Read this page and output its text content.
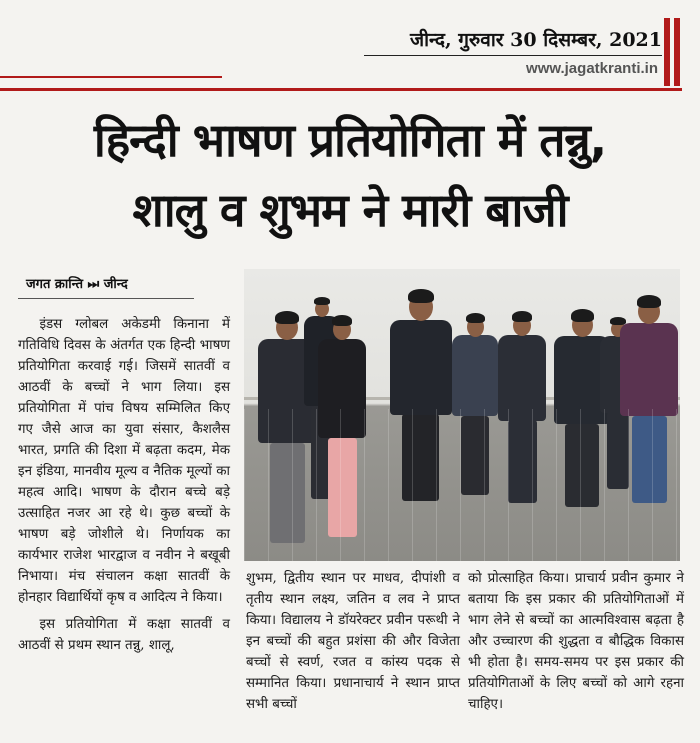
जीन्द, गुरुवार 30 दिसम्बर, 2021
www.jagatkranti.in
हिन्दी भाषण प्रतियोगिता में तन्नु,
शालु व शुभम ने मारी बाजी
जगत क्रान्ति ⏭ जीन्द

इंडस ग्लोबल अकेडमी किनाना में गतिविधि दिवस के अंतर्गत एक हिन्दी भाषण प्रतियोगिता करवाई गई। जिसमें सातवीं व आठवीं के बच्चों ने भाग लिया। इस प्रतियोगिता में पांच विषय सम्मिलित किए गए जैसे आज का युवा संसार, कैशलैस भारत, प्रगति की दिशा में बढ़ता कदम, मेक इन इंडिया, मानवीय मूल्य व नैतिक मूल्यों का महत्व आदि। भाषण के दौरान बच्चे बड़े उत्साहित नजर आ रहे थे। कुछ बच्चों के भाषण बड़े जोशीले थे। निर्णायक का कार्यभार राजेश भारद्वाज व नवीन ने बखूबी निभाया। मंच संचालन कक्षा सातवीं के होनहार विद्यार्थियों कृष व आदित्य ने किया।

इस प्रतियोगिता में कक्षा सातवीं व आठवीं से प्रथम स्थान तन्नु, शालू,

शुभम, द्वितीय स्थान पर माधव, दीपांशी व तृतीय स्थान लक्ष्य, जतिन व लव ने प्राप्त किया। विद्यालय ने डॉयरेक्टर प्रवीन परूथी ने इन बच्चों की बहुत प्रशंसा की और विजेता बच्चों से स्वर्ण, रजत व कांस्य पदक से सम्मानित किया। प्रधानाचार्य ने स्थान प्राप्त सभी बच्चों

को प्रोत्साहित किया। प्राचार्य प्रवीन कुमार ने बताया कि इस प्रकार की प्रतियोगिताओं में भाग लेने से बच्चों का आत्मविश्वास बढ़ता है और उच्चारण की शुद्धता व बौद्धिक विकास भी होता है। समय-समय पर इस प्रकार की प्रतियोगिताओं के लिए बच्चों को आगे रहना चाहिए।
